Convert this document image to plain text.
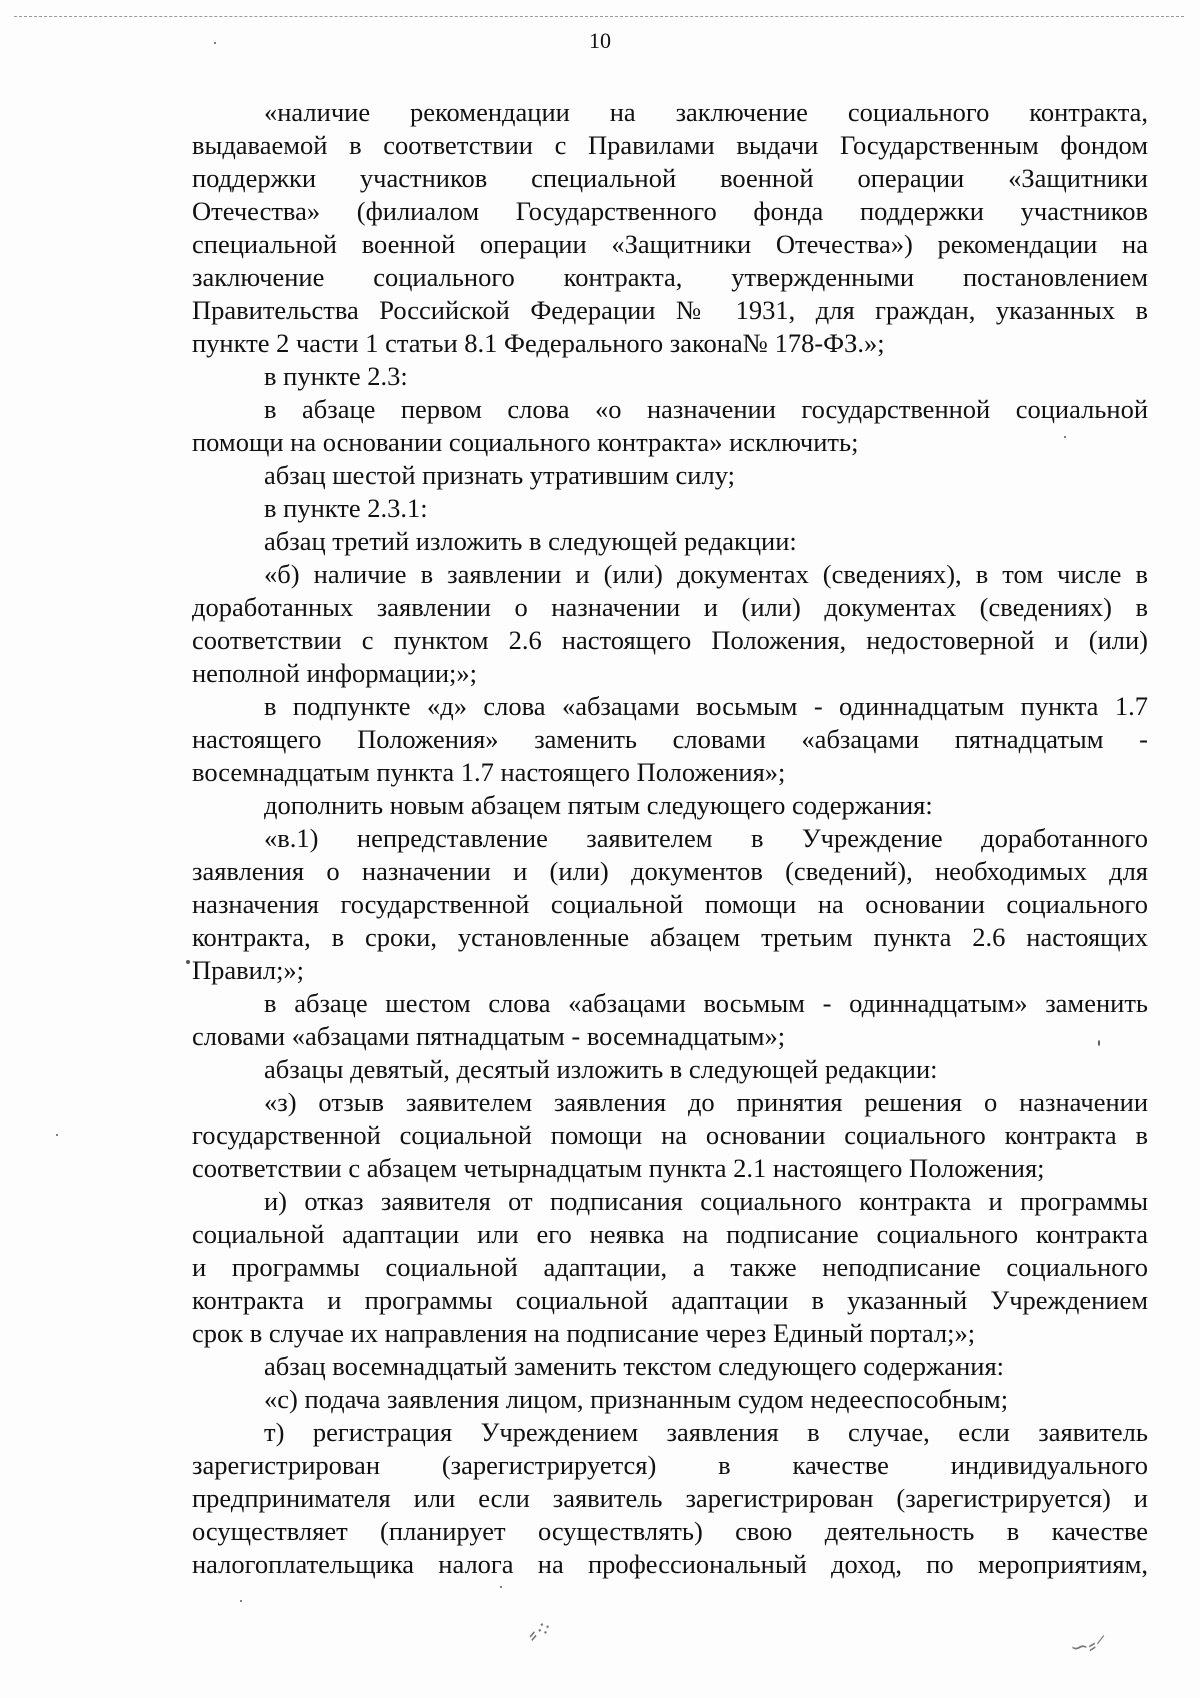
10
«наличие рекомендации на заключение социального контракта,
выдаваемой в соответствии с Правилами выдачи Государственным фондом
поддержки участников специальной военной операции «Защитники
Отечества» (филиалом Государственного фонда поддержки участников
специальной военной операции «Защитники Отечества») рекомендации на
заключение социального контракта, утвержденными постановлением
Правительства Российской Федерации № 1931, для граждан, указанных в
пункте 2 части 1 статьи 8.1 Федерального закона№ 178-ФЗ.»;
в пункте 2.3:
в абзаце первом слова «о назначении государственной социальной
помощи на основании социального контракта» исключить;
абзац шестой признать утратившим силу;
в пункте 2.3.1:
абзац третий изложить в следующей редакции:
«б) наличие в заявлении и (или) документах (сведениях), в том числе в
доработанных заявлении о назначении и (или) документах (сведениях) в
соответствии с пунктом 2.6 настоящего Положения, недостоверной и (или)
неполной информации;»;
в подпункте «д» слова «абзацами восьмым - одиннадцатым пункта 1.7
настоящего Положения» заменить словами «абзацами пятнадцатым -
восемнадцатым пункта 1.7 настоящего Положения»;
дополнить новым абзацем пятым следующего содержания:
«в.1) непредставление заявителем в Учреждение доработанного
заявления о назначении и (или) документов (сведений), необходимых для
назначения государственной социальной помощи на основании социального
контракта, в сроки, установленные абзацем третьим пункта 2.6 настоящих
Правил;»;
в абзаце шестом слова «абзацами восьмым - одиннадцатым» заменить
словами «абзацами пятнадцатым - восемнадцатым»;
абзацы девятый, десятый изложить в следующей редакции:
«з) отзыв заявителем заявления до принятия решения о назначении
государственной социальной помощи на основании социального контракта в
соответствии с абзацем четырнадцатым пункта 2.1 настоящего Положения;
и) отказ заявителя от подписания социального контракта и программы
социальной адаптации или его неявка на подписание социального контракта
и программы социальной адаптации, а также неподписание социального
контракта и программы социальной адаптации в указанный Учреждением
срок в случае их направления на подписание через Единый портал;»;
абзац восемнадцатый заменить текстом следующего содержания:
«с) подача заявления лицом, признанным судом недееспособным;
т) регистрация Учреждением заявления в случае, если заявитель
зарегистрирован (зарегистрируется) в качестве индивидуального
предпринимателя или если заявитель зарегистрирован (зарегистрируется) и
осуществляет (планирует осуществлять) свою деятельность в качестве
налогоплательщика налога на профессиональный доход, по мероприятиям,
⸗⁘	∽⸗⸍
